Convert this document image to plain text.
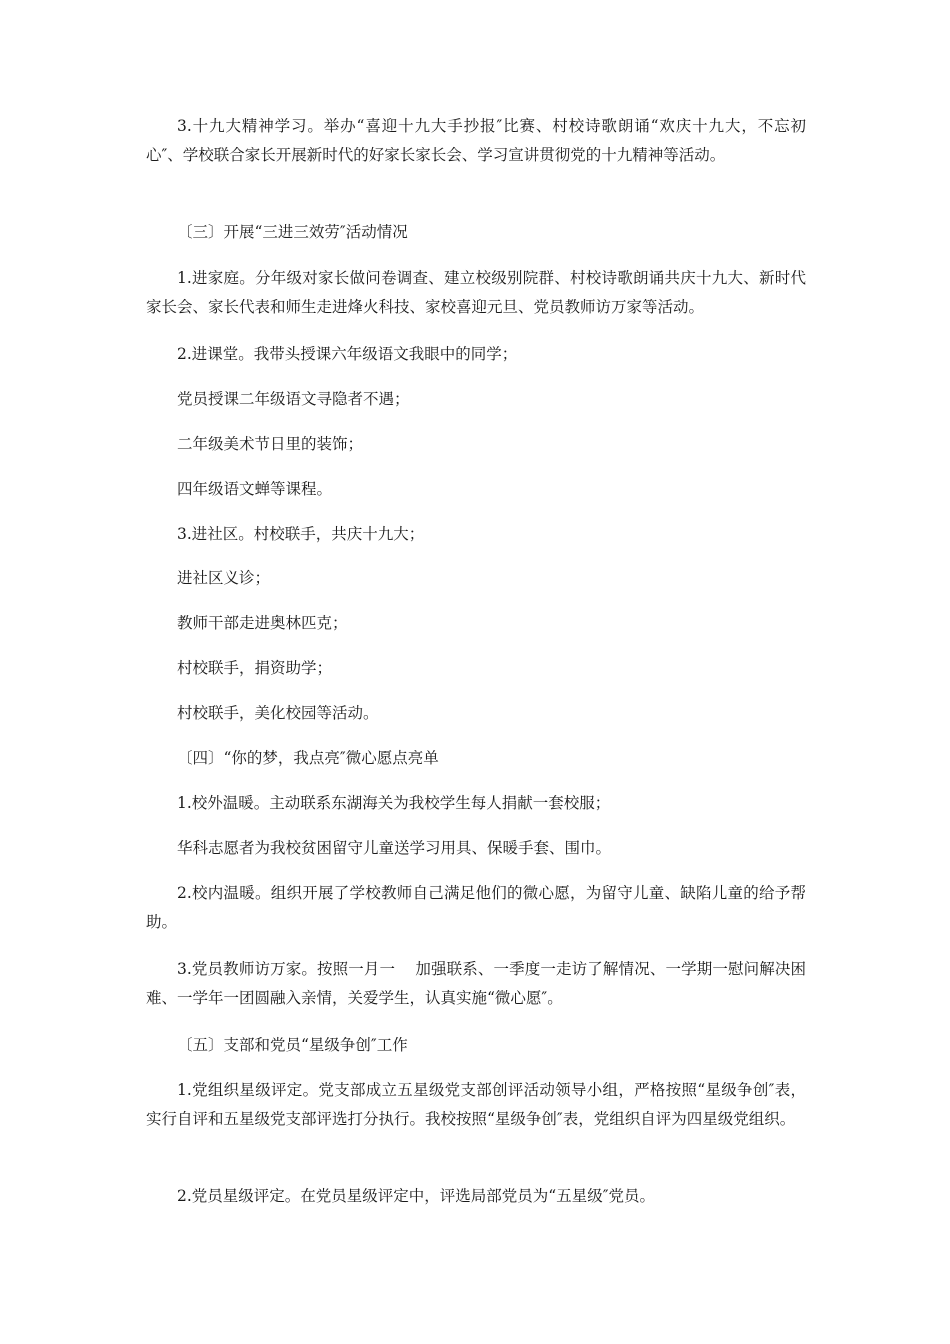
3.十九大精神学习。举办“喜迎十九大手抄报″比赛、村校诗歌朗诵“欢庆十九大，不忘初心″、学校联合家长开展新时代的好家长家长会、学习宣讲贯彻党的十九精神等活动。

〔三〕开展“三进三效劳″活动情况

1.进家庭。分年级对家长做问卷调查、建立校级别院群、村校诗歌朗诵共庆十九大、新时代家长会、家长代表和师生走进烽火科技、家校喜迎元旦、党员教师访万家等活动。

2.进课堂。我带头授课六年级语文我眼中的同学；

党员授课二年级语文寻隐者不遇；

二年级美术节日里的装饰；

四年级语文蝉等课程。

3.进社区。村校联手，共庆十九大；

进社区义诊；

教师干部走进奥林匹克；

村校联手，捐资助学；

村校联手，美化校园等活动。

〔四〕“你的梦，我点亮″微心愿点亮单

1.校外温暖。主动联系东湖海关为我校学生每人捐献一套校服；

华科志愿者为我校贫困留守儿童送学习用具、保暖手套、围巾。

2.校内温暖。组织开展了学校教师自己满足他们的微心愿，为留守儿童、缺陷儿童的给予帮助。

3.党员教师访万家。按照一月一    加强联系、一季度一走访了解情况、一学期一慰问解决困难、一学年一团圆融入亲情，关爱学生，认真实施“微心愿″。

〔五〕支部和党员“星级争创″工作

1.党组织星级评定。党支部成立五星级党支部创评活动领导小组，严格按照“星级争创″表，实行自评和五星级党支部评选打分执行。我校按照“星级争创″表，党组织自评为四星级党组织。

2.党员星级评定。在党员星级评定中，评选局部党员为“五星级″党员。
